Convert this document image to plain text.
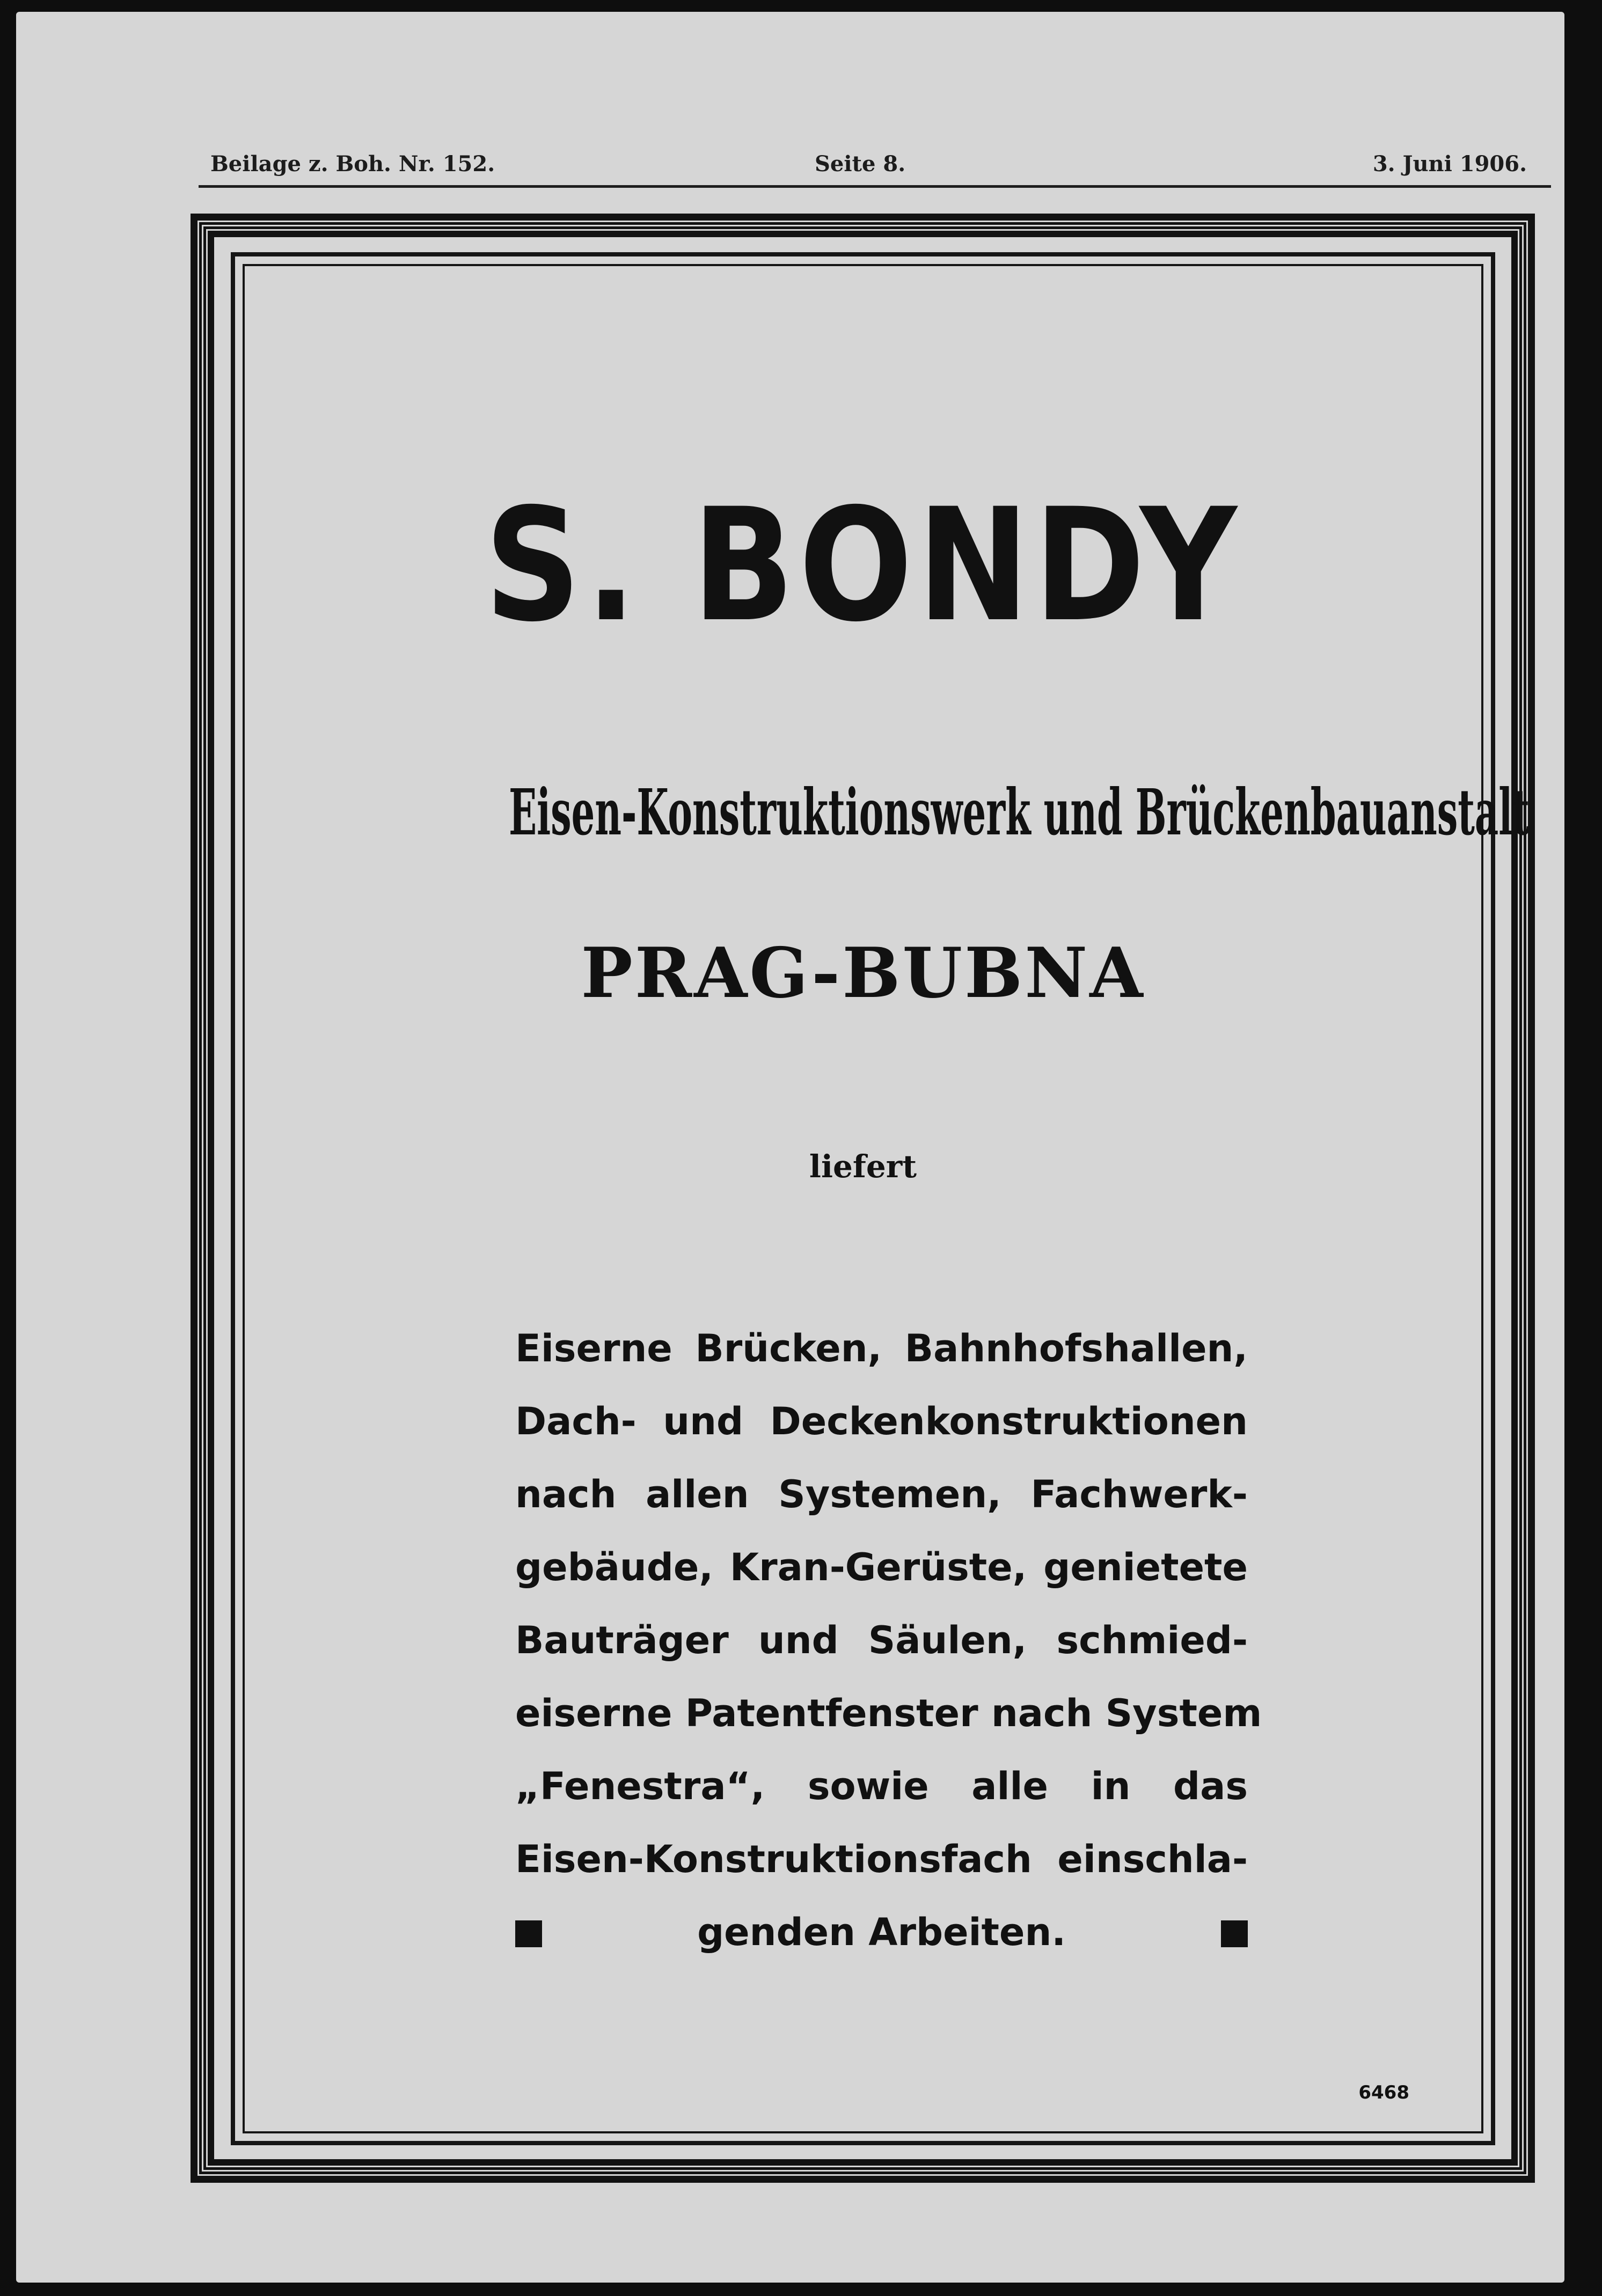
Beilage z. Boh. Nr. 152.	Seite 8.	3. Juni 1906.
S. BONDY
Eisen-Konstruktionswerk und Brückenbauanstalt
PRAG-BUBNA
liefert
Eiserne Brücken, Bahnhofshallen,
Dach- und Deckenkonstruktionen
nach allen Systemen, Fachwerk-
gebäude, Kran-Gerüste, genietete
Bauträger und Säulen, schmied-
eiserne Patentfenster nach System
„Fenestra“, sowie alle in das
Eisen-Konstruktionsfach einschla-
genden Arbeiten.
6468
